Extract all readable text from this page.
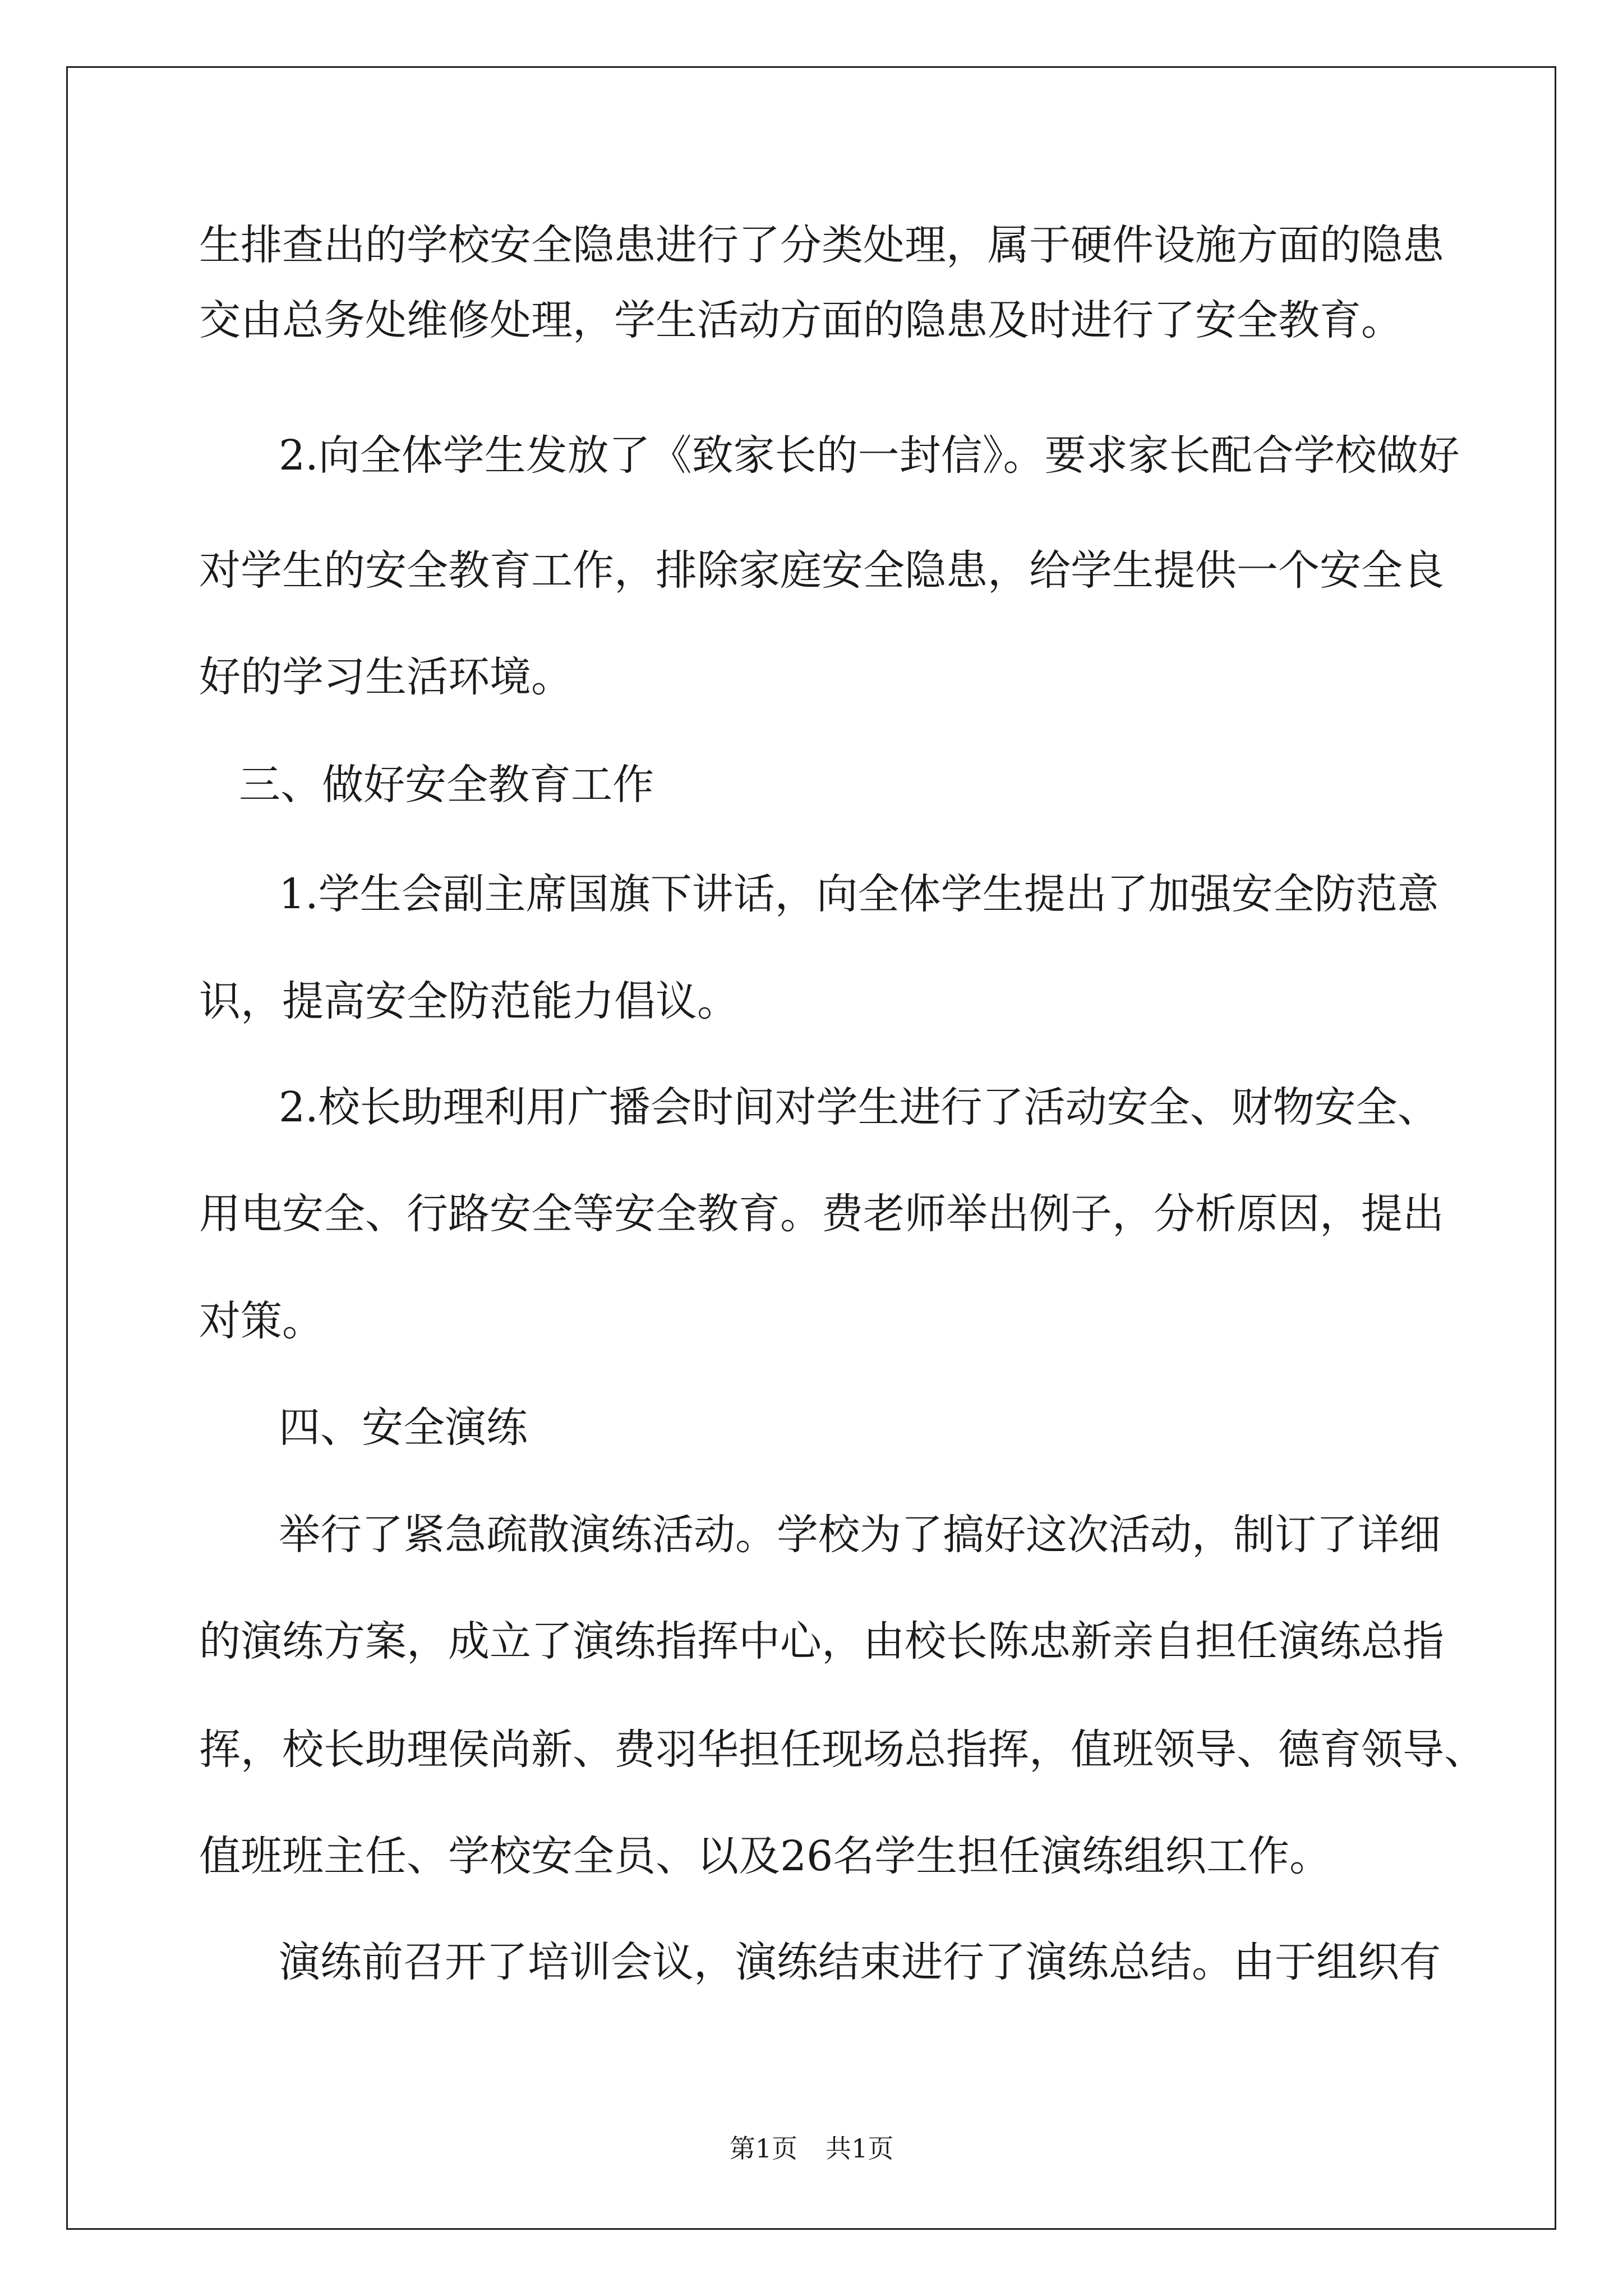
生排查出的学校安全隐患进行了分类处理，属于硬件设施方面的隐患
交由总务处维修处理，学生活动方面的隐患及时进行了安全教育。
2.向全体学生发放了《致家长的一封信》。要求家长配合学校做好
对学生的安全教育工作，排除家庭安全隐患，给学生提供一个安全良
好的学习生活环境。
三、做好安全教育工作
1.学生会副主席国旗下讲话，向全体学生提出了加强安全防范意
识，提高安全防范能力倡议。
2.校长助理利用广播会时间对学生进行了活动安全、财物安全、
用电安全、行路安全等安全教育。费老师举出例子，分析原因，提出
对策。
四、安全演练
举行了紧急疏散演练活动。学校为了搞好这次活动，制订了详细
的演练方案，成立了演练指挥中心，由校长陈忠新亲自担任演练总指
挥，校长助理侯尚新、费羽华担任现场总指挥，值班领导、德育领导、
值班班主任、学校安全员、以及26名学生担任演练组织工作。
演练前召开了培训会议，演练结束进行了演练总结。由于组织有
第1页 共1页
